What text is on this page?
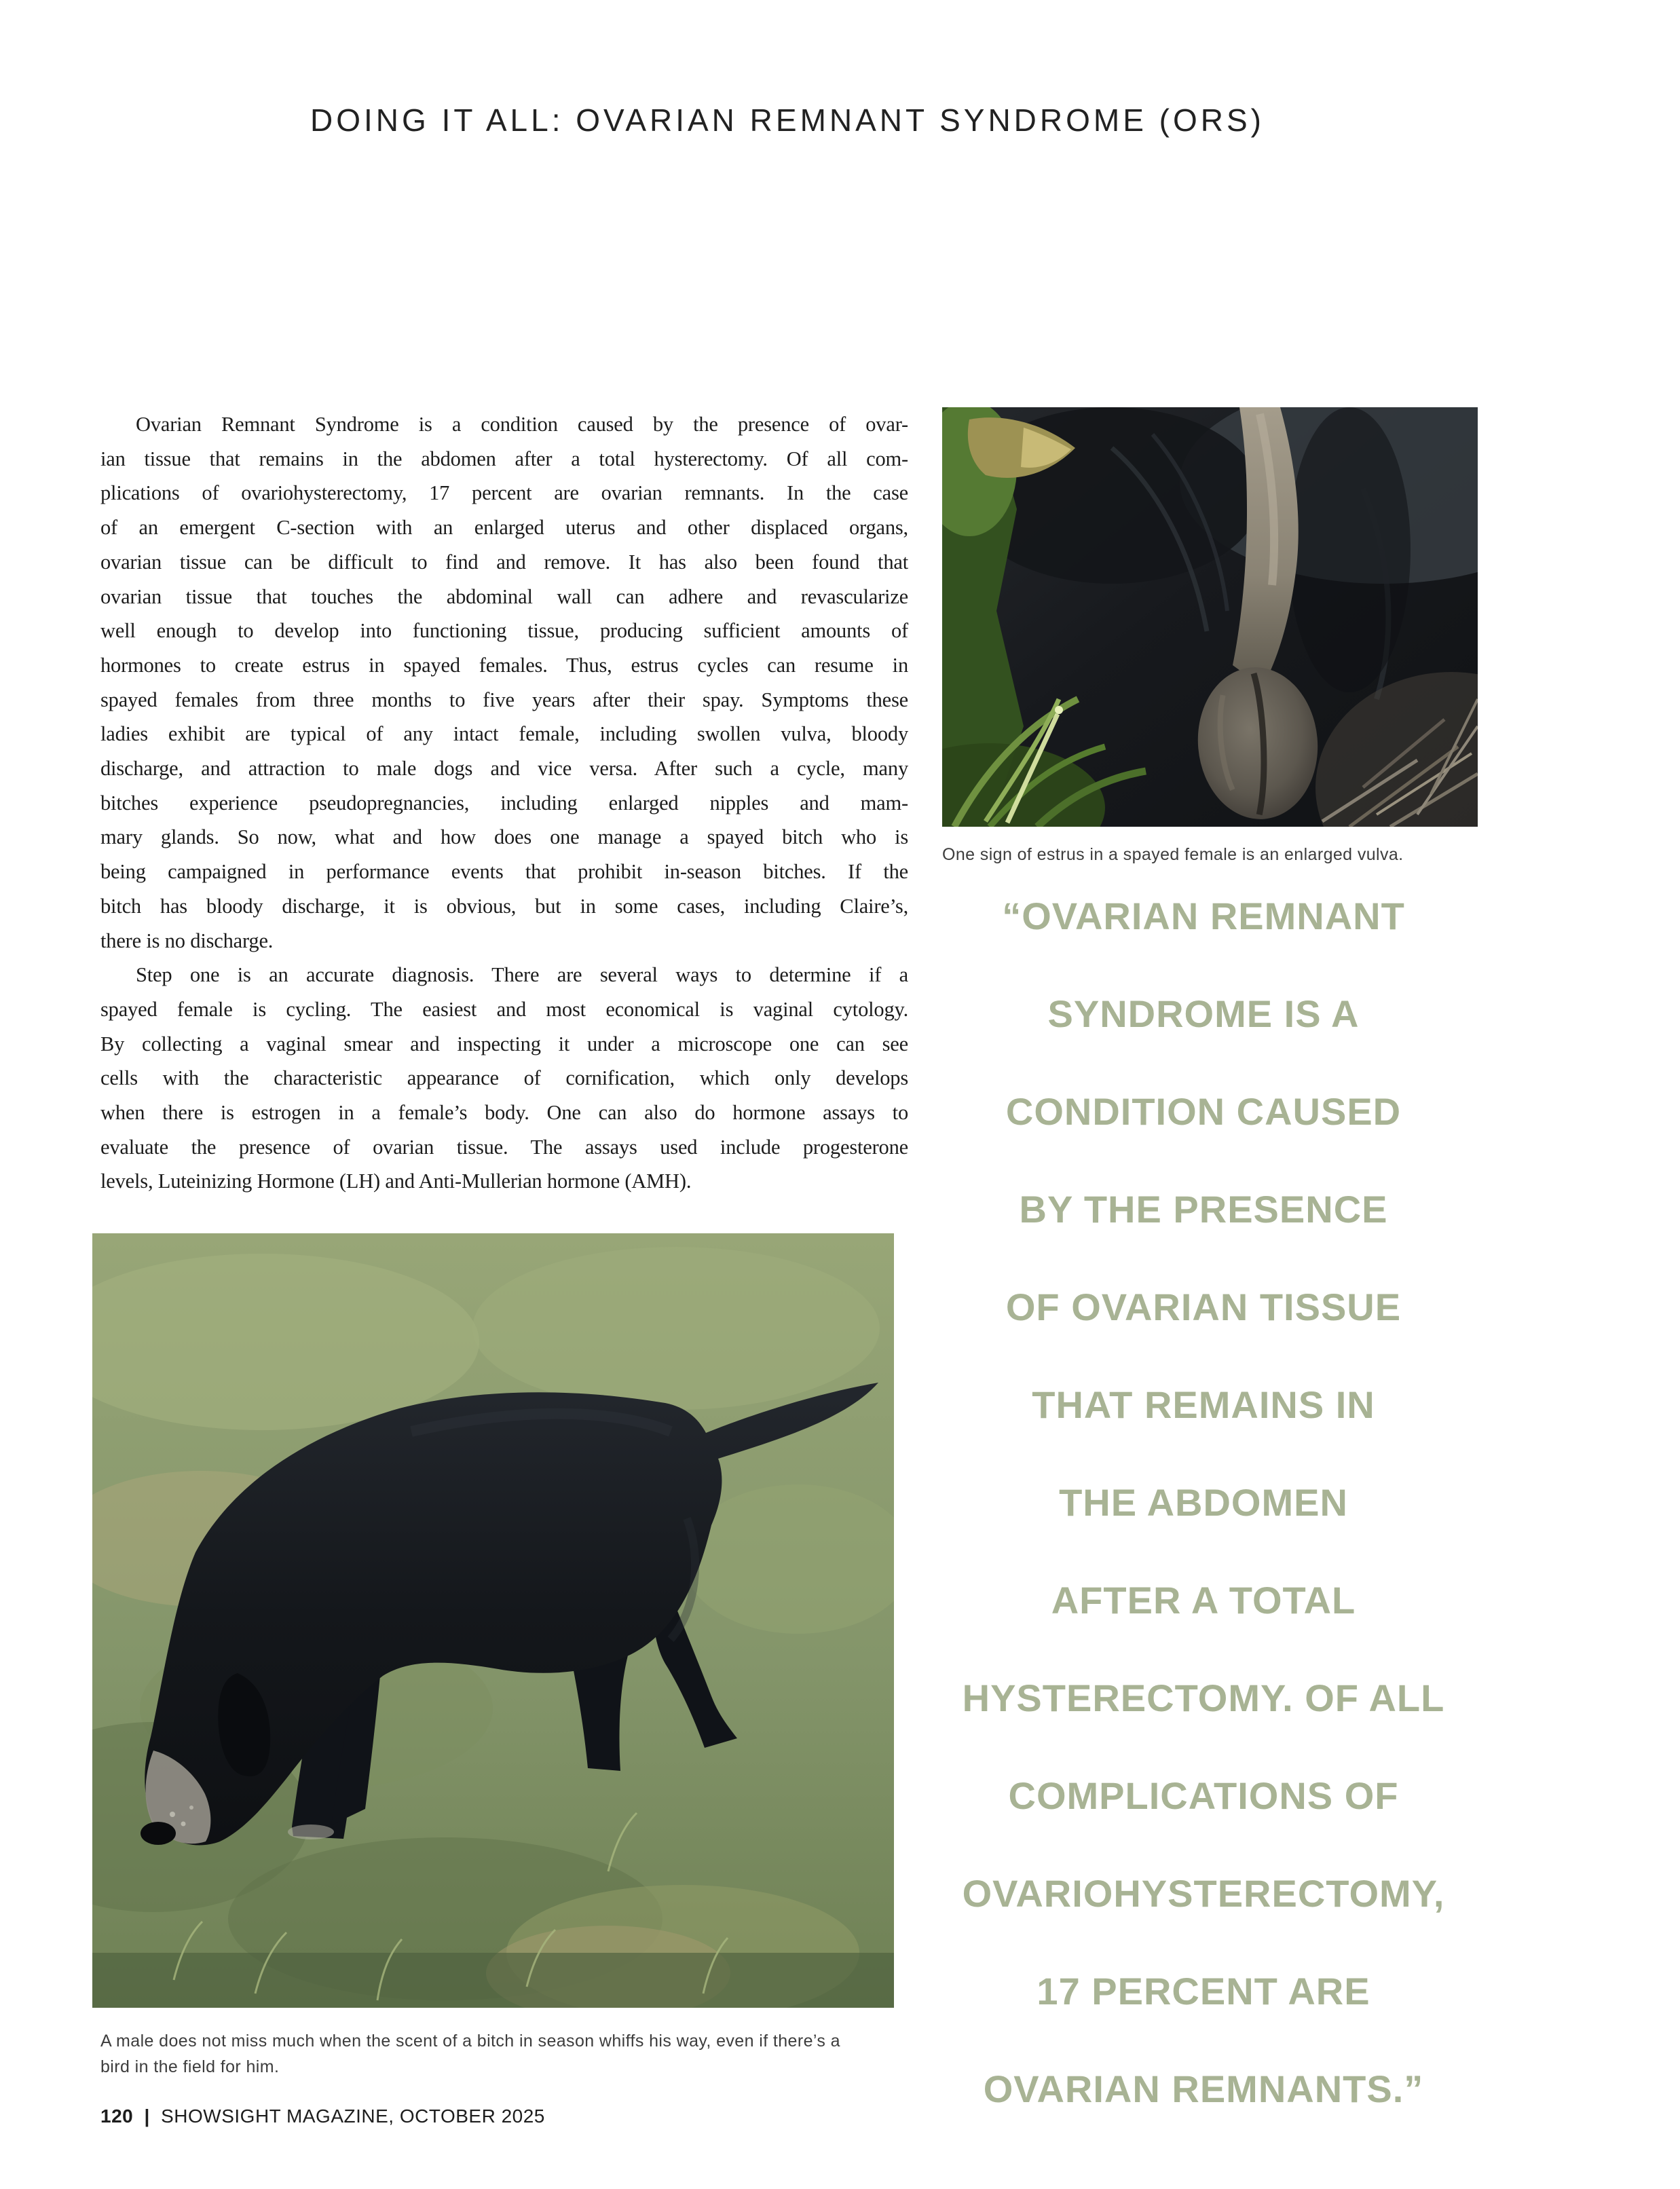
DOING IT ALL: OVARIAN REMNANT SYNDROME (ORS)
Ovarian Remnant Syndrome is a condition caused by the presence of ovar-
ian tissue that remains in the abdomen after a total hysterectomy. Of all com-
plications of ovariohysterectomy, 17 percent are ovarian remnants. In the case
of an emergent C-section with an enlarged uterus and other displaced organs,
ovarian tissue can be difficult to find and remove. It has also been found that
ovarian tissue that touches the abdominal wall can adhere and revascularize
well enough to develop into functioning tissue, producing sufficient amounts of
hormones to create estrus in spayed females. Thus, estrus cycles can resume in
spayed females from three months to five years after their spay. Symptoms these
ladies exhibit are typical of any intact female, including swollen vulva, bloody
discharge, and attraction to male dogs and vice versa. After such a cycle, many
bitches experience pseudopregnancies, including enlarged nipples and mam-
mary glands. So now, what and how does one manage a spayed bitch who is
being campaigned in performance events that prohibit in-season bitches. If the
bitch has bloody discharge, it is obvious, but in some cases, including Claire’s,
there is no discharge.
Step one is an accurate diagnosis. There are several ways to determine if a
spayed female is cycling. The easiest and most economical is vaginal cytology.
By collecting a vaginal smear and inspecting it under a microscope one can see
cells with the characteristic appearance of cornification, which only develops
when there is estrogen in a female’s body. One can also do hormone assays to
evaluate the presence of ovarian tissue. The assays used include progesterone
levels, Luteinizing Hormone (LH) and Anti-Mullerian hormone (AMH).
One sign of estrus in a spayed female is an enlarged vulva.
“OVARIAN REMNANT
SYNDROME IS A
CONDITION CAUSED
BY THE PRESENCE
OF OVARIAN TISSUE
THAT REMAINS IN
THE ABDOMEN
AFTER A TOTAL
HYSTERECTOMY. OF ALL
COMPLICATIONS OF
OVARIOHYSTERECTOMY,
17 PERCENT ARE
OVARIAN REMNANTS.”
A male does not miss much when the scent of a bitch in season whiffs his way, even if there’s a
bird in the field for him.
120 | SHOWSIGHT MAGAZINE, OCTOBER 2025
